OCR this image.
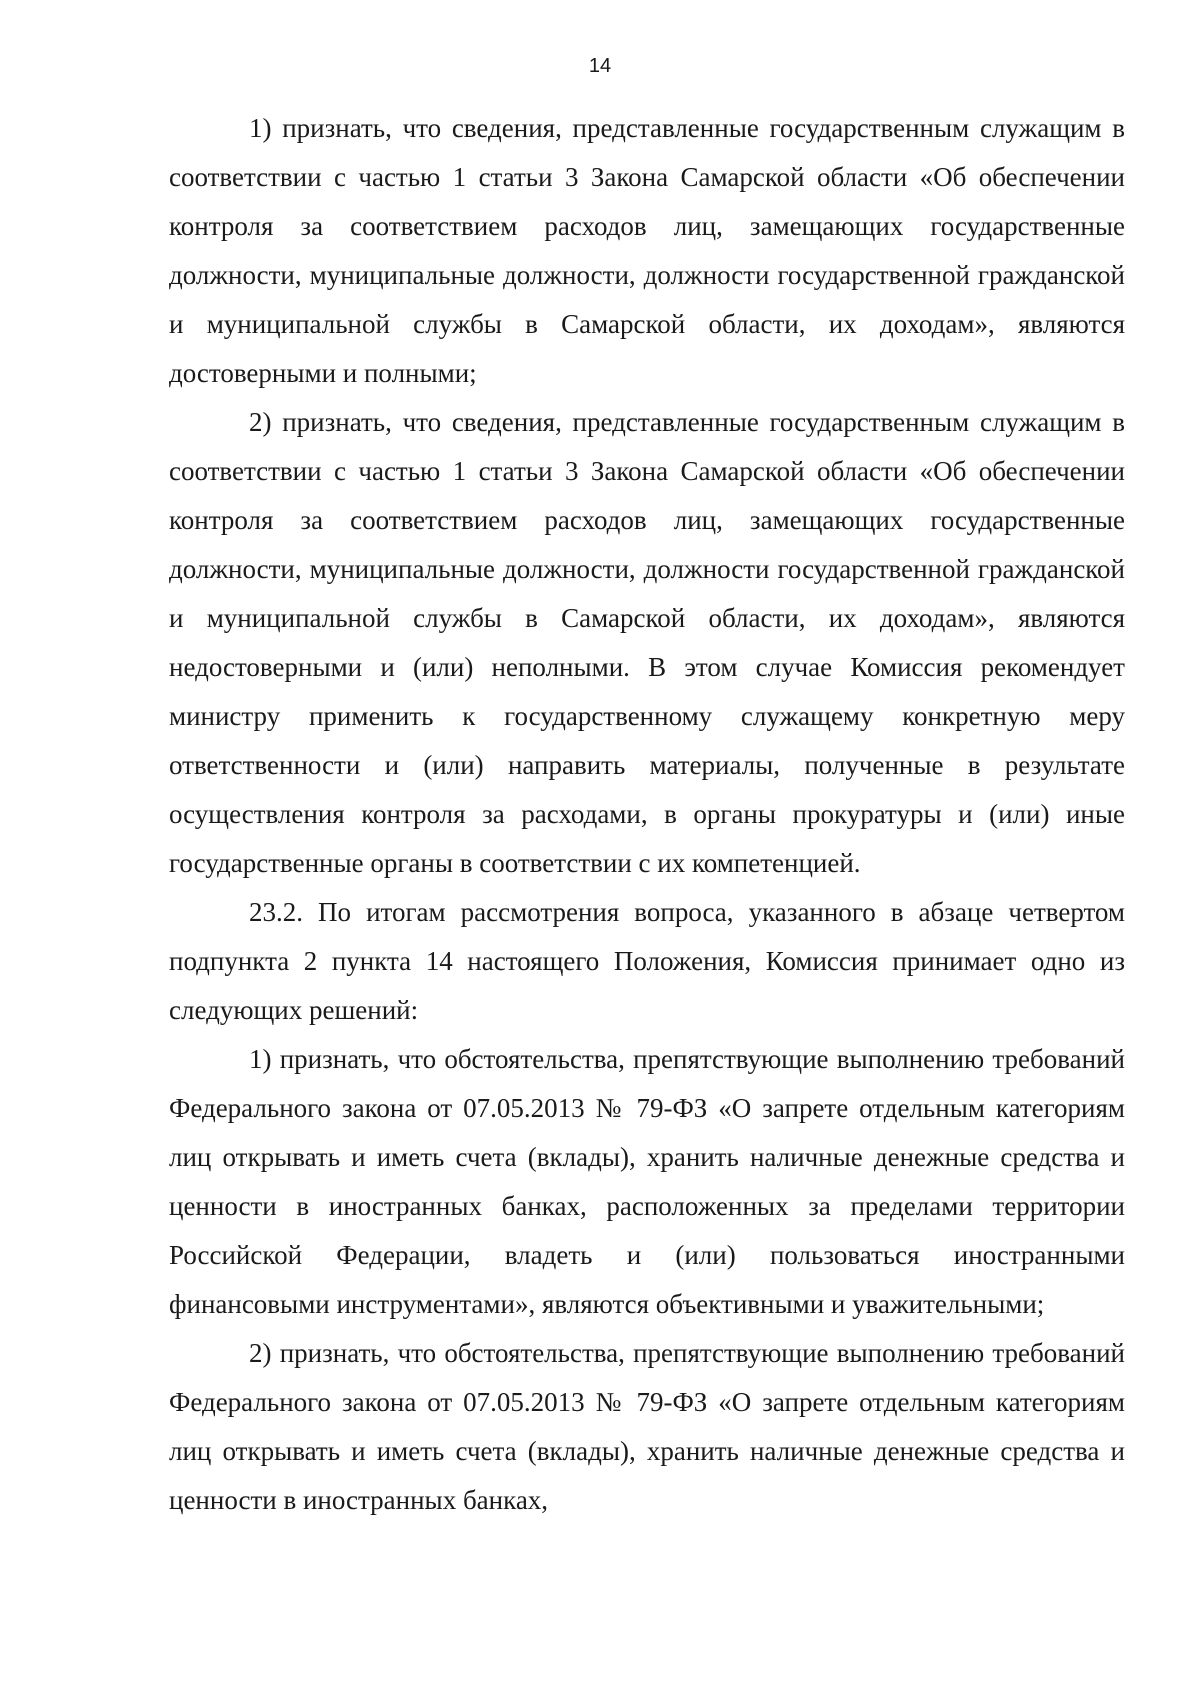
14

1) признать, что сведения, представленные государственным служащим в соответствии с частью 1 статьи 3 Закона Самарской области «Об обеспечении контроля за соответствием расходов лиц, замещающих государственные должности, муниципальные должности, должности государственной гражданской и муниципальной службы в Самарской области, их доходам», являются достоверными и полными;

2) признать, что сведения, представленные государственным служащим в соответствии с частью 1 статьи 3 Закона Самарской области «Об обеспечении контроля за соответствием расходов лиц, замещающих государственные должности, муниципальные должности, должности государственной гражданской и муниципальной службы в Самарской области, их доходам», являются недостоверными и (или) неполными. В этом случае Комиссия рекомендует министру применить к государственному служащему конкретную меру ответственности и (или) направить материалы, полученные в результате осуществления контроля за расходами, в органы прокуратуры и (или) иные государственные органы в соответствии с их компетенцией.

23.2. По итогам рассмотрения вопроса, указанного в абзаце четвертом подпункта 2 пункта 14 настоящего Положения, Комиссия принимает одно из следующих решений:

1) признать, что обстоятельства, препятствующие выполнению требований Федерального закона от 07.05.2013 № 79-ФЗ «О запрете отдельным категориям лиц открывать и иметь счета (вклады), хранить наличные денежные средства и ценности в иностранных банках, расположенных за пределами территории Российской Федерации, владеть и (или) пользоваться иностранными финансовыми инструментами», являются объективными и уважительными;

2) признать, что обстоятельства, препятствующие выполнению требований Федерального закона от 07.05.2013 № 79-ФЗ «О запрете отдельным категориям лиц открывать и иметь счета (вклады), хранить наличные денежные средства и ценности в иностранных банках,
